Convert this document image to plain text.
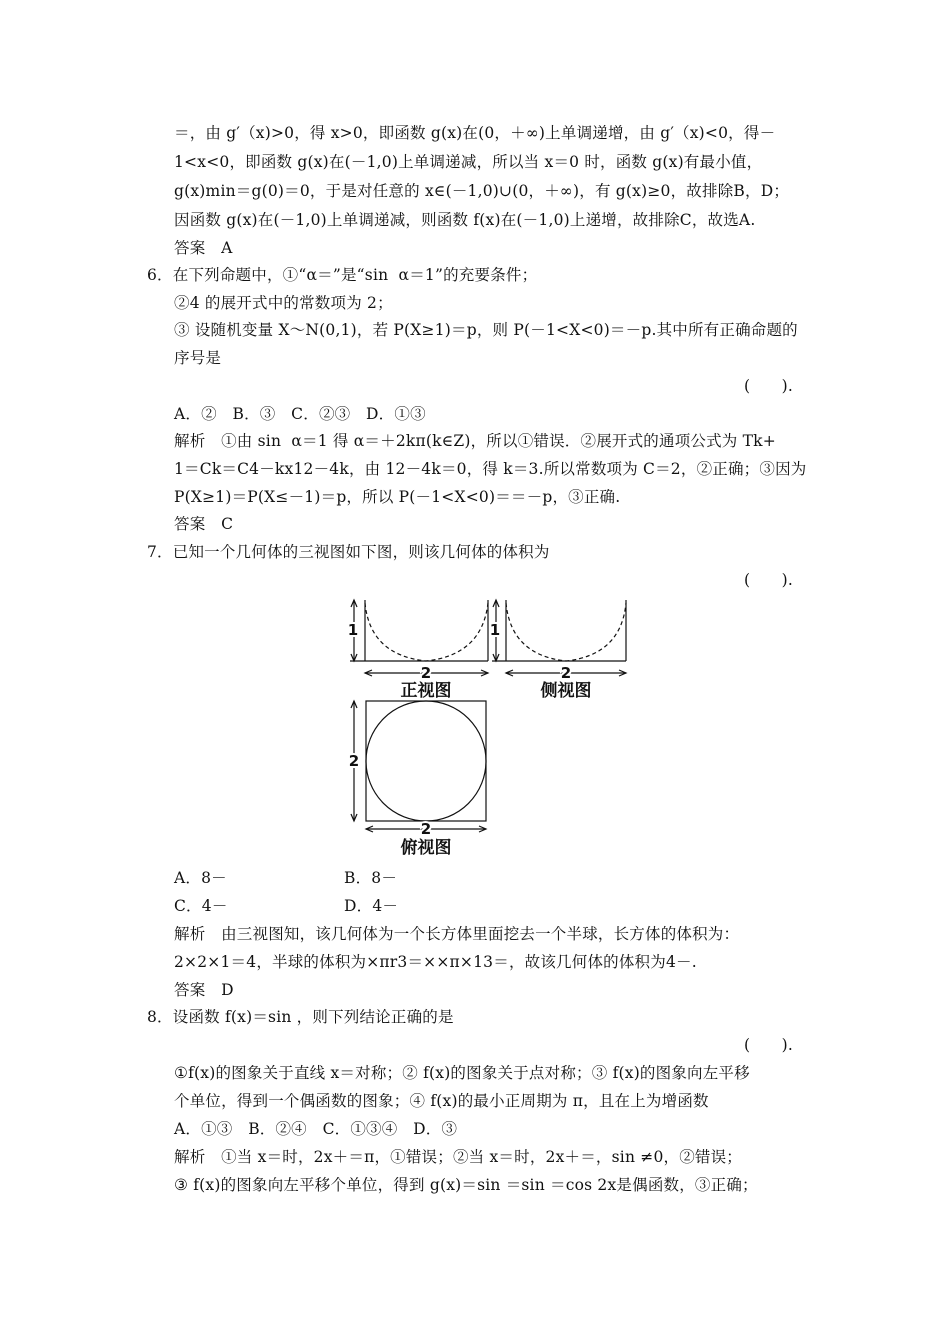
＝，由 g′（x)>0，得 x>0，即函数 g(x)在(0，＋∞)上单调递增，由 g′（x)<0，得－
1<x<0，即函数 g(x)在(－1,0)上单调递减，所以当 x＝0 时，函数 g(x)有最小值，
g(x)min＝g(0)＝0，于是对任意的 x∈(－1,0)∪(0，＋∞)，有 g(x)≥0，故排除B，D；
因函数 g(x)在(－1,0)上单调递减，则函数 f(x)在(－1,0)上递增，故排除C，故选A.
答案　A
6．在下列命题中，①“α＝”是“sin  α＝1”的充要条件；
②4 的展开式中的常数项为 2；
③ 设随机变量 X～N(0,1)，若 P(X≥1)＝p，则 P(－1<X<0)＝－p.其中所有正确命题的
序号是
(　　).
A．②　B．③　C．②③　D．①③
解析　①由 sin  α＝1 得 α＝＋2kπ(k∈Z)，所以①错误．②展开式的通项公式为 Tk+
1＝Ck＝C4－kx12－4k，由 12－4k＝0，得 k＝3.所以常数项为 C＝2，②正确；③因为
P(X≥1)＝P(X≤－1)＝p，所以 P(－1<X<0)＝＝－p，③正确.
答案　C
7．已知一个几何体的三视图如下图，则该几何体的体积为
(　　).
1
2
正视图
1
2
侧视图
2
2
俯视图
A．8－	B．8－
C．4－	D．4－
解析　由三视图知，该几何体为一个长方体里面挖去一个半球，长方体的体积为：
2×2×1＝4，半球的体积为×πr3＝××π×13＝，故该几何体的体积为4－.
答案　D
8．设函数 f(x)＝sin ，则下列结论正确的是
(　　).
①f(x)的图象关于直线 x＝对称；② f(x)的图象关于点对称；③ f(x)的图象向左平移
个单位，得到一个偶函数的图象；④ f(x)的最小正周期为 π，且在上为增函数
A．①③　B．②④　C．①③④　D．③
解析　①当 x＝时，2x＋＝π，①错误；②当 x＝时，2x＋＝，sin ≠0，②错误；
③ f(x)的图象向左平移个单位，得到 g(x)＝sin ＝sin ＝cos 2x是偶函数，③正确；
